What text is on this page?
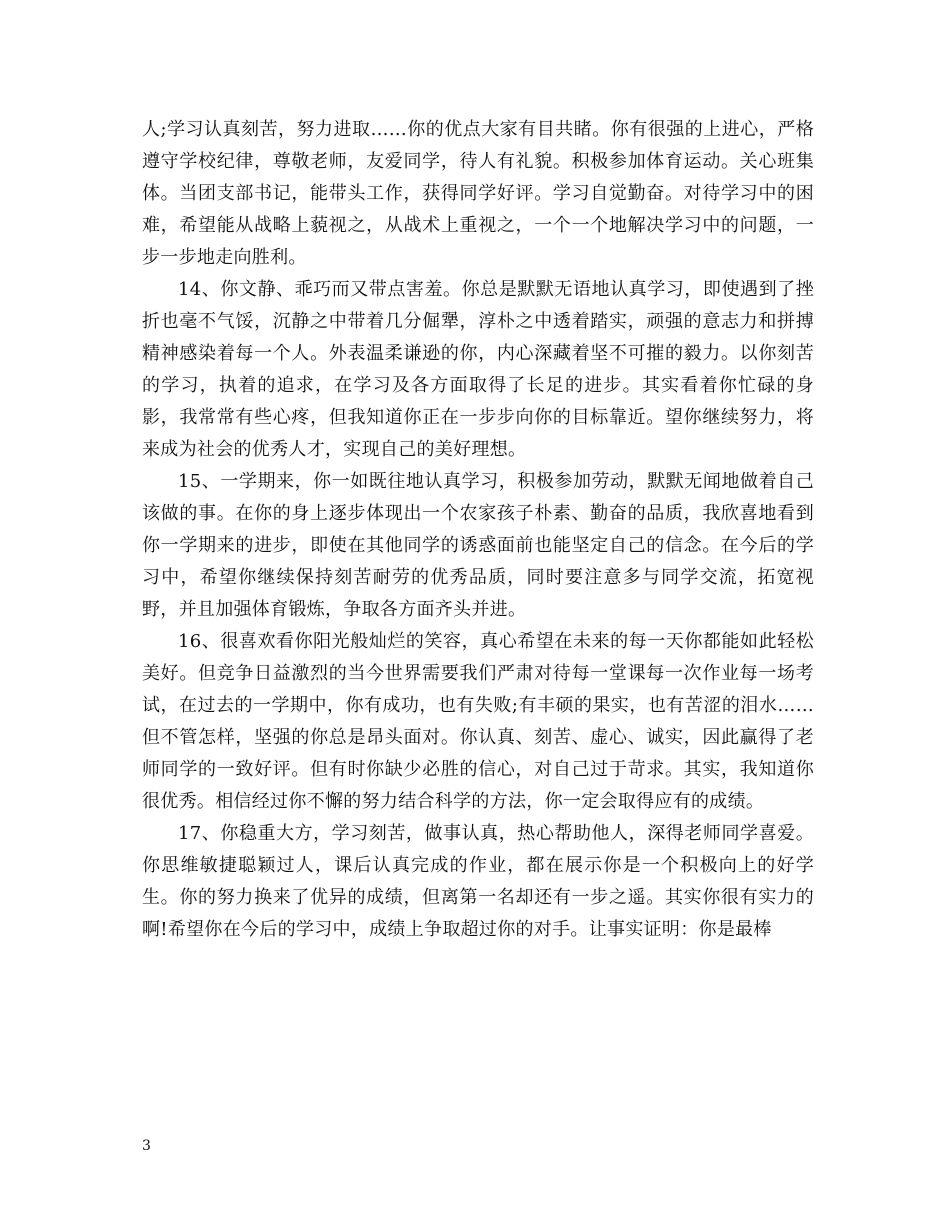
人;学习认真刻苦，努力进取……你的优点大家有目共睹。你有很强的上进心，严格遵守学校纪律，尊敬老师，友爱同学，待人有礼貌。积极参加体育运动。关心班集体。当团支部书记，能带头工作，获得同学好评。学习自觉勤奋。对待学习中的困难，希望能从战略上藐视之，从战术上重视之，一个一个地解决学习中的问题，一步一步地走向胜利。

14、你文静、乖巧而又带点害羞。你总是默默无语地认真学习，即使遇到了挫折也毫不气馁，沉静之中带着几分倔犟，淳朴之中透着踏实，顽强的意志力和拼搏精神感染着每一个人。外表温柔谦逊的你，内心深藏着坚不可摧的毅力。以你刻苦的学习，执着的追求，在学习及各方面取得了长足的进步。其实看着你忙碌的身影，我常常有些心疼，但我知道你正在一步步向你的目标靠近。望你继续努力，将来成为社会的优秀人才，实现自己的美好理想。

15、一学期来，你一如既往地认真学习，积极参加劳动，默默无闻地做着自己该做的事。在你的身上逐步体现出一个农家孩子朴素、勤奋的品质，我欣喜地看到你一学期来的进步，即使在其他同学的诱惑面前也能坚定自己的信念。在今后的学习中，希望你继续保持刻苦耐劳的优秀品质，同时要注意多与同学交流，拓宽视野，并且加强体育锻炼，争取各方面齐头并进。

16、很喜欢看你阳光般灿烂的笑容，真心希望在未来的每一天你都能如此轻松美好。但竞争日益激烈的当今世界需要我们严肃对待每一堂课每一次作业每一场考试，在过去的一学期中，你有成功，也有失败;有丰硕的果实，也有苦涩的泪水……但不管怎样，坚强的你总是昂头面对。你认真、刻苦、虚心、诚实，因此赢得了老师同学的一致好评。但有时你缺少必胜的信心，对自己过于苛求。其实，我知道你很优秀。相信经过你不懈的努力结合科学的方法，你一定会取得应有的成绩。

17、你稳重大方，学习刻苦，做事认真，热心帮助他人，深得老师同学喜爱。你思维敏捷聪颖过人，课后认真完成的作业，都在展示你是一个积极向上的好学生。你的努力换来了优异的成绩，但离第一名却还有一步之遥。其实你很有实力的啊!希望你在今后的学习中，成绩上争取超过你的对手。让事实证明：你是最棒

3
